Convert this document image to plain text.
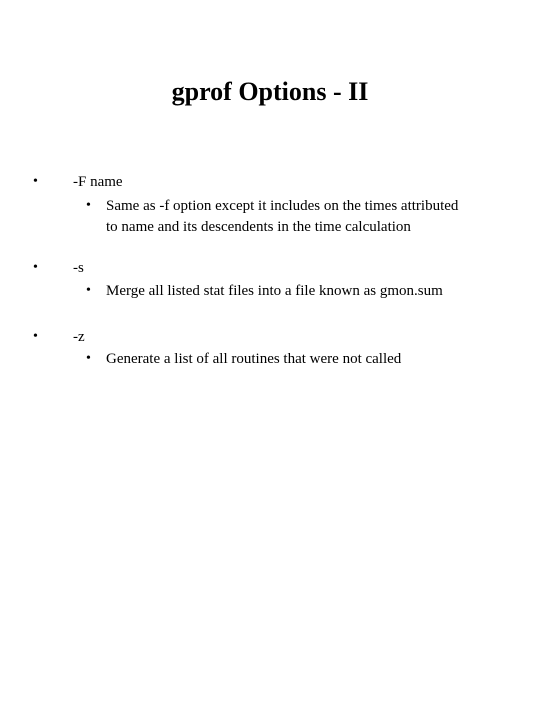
gprof Options - II
• -F name
• Same as -f option except it includes on the times attributed to name and its descendents in the time calculation
• -s
• Merge all listed stat files into a file known as gmon.sum
• -z
• Generate a list of all routines that were not called
